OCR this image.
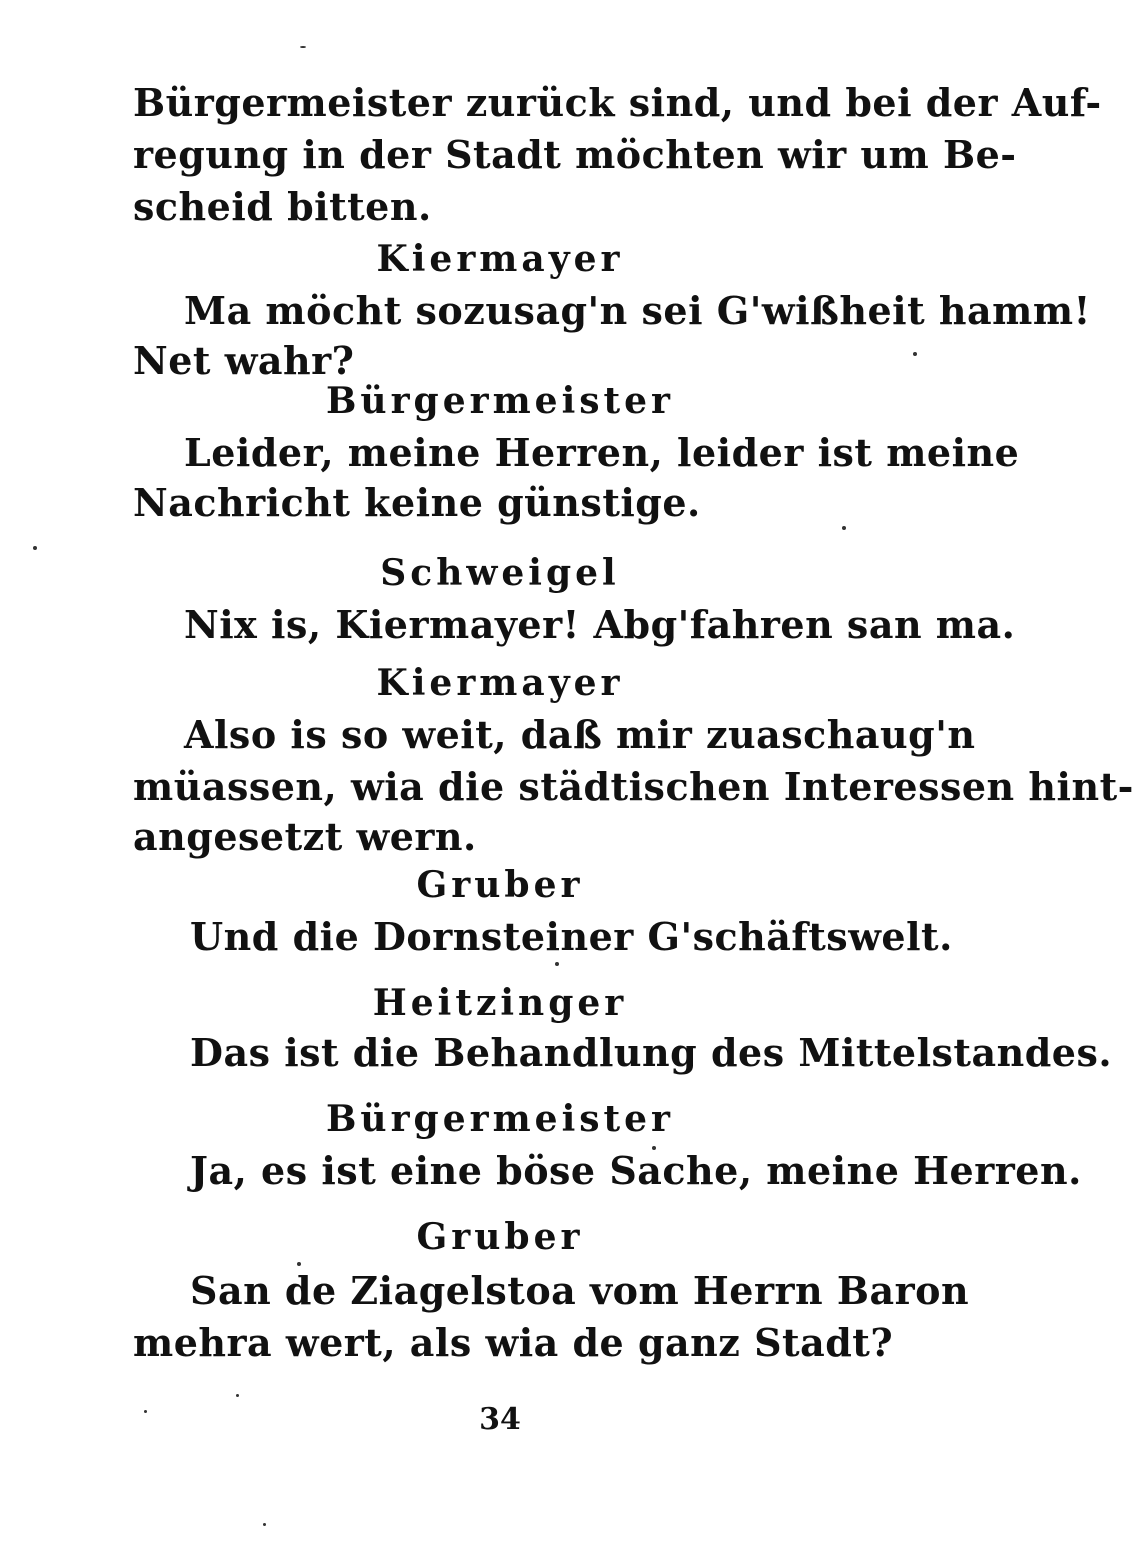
Bürgermeister zurück sind, und bei der Auf-
regung in der Stadt möchten wir um Be-
scheid bitten.
Kiermayer
Ma möcht sozusag'n sei G'wißheit hamm!
Net wahr?
Bürgermeister
Leider, meine Herren, leider ist meine
Nachricht keine günstige.
Schweigel
Nix is, Kiermayer! Abg'fahren san ma.
Kiermayer
Also is so weit, daß mir zuaschaug'n
müassen, wia die städtischen Interessen hint-
angesetzt wern.
Gruber
Und die Dornsteiner G'schäftswelt.
Heitzinger
Das ist die Behandlung des Mittelstandes.
Bürgermeister
Ja, es ist eine böse Sache, meine Herren.
Gruber
San de Ziagelstoa vom Herrn Baron
mehra wert, als wia de ganz Stadt?
34
